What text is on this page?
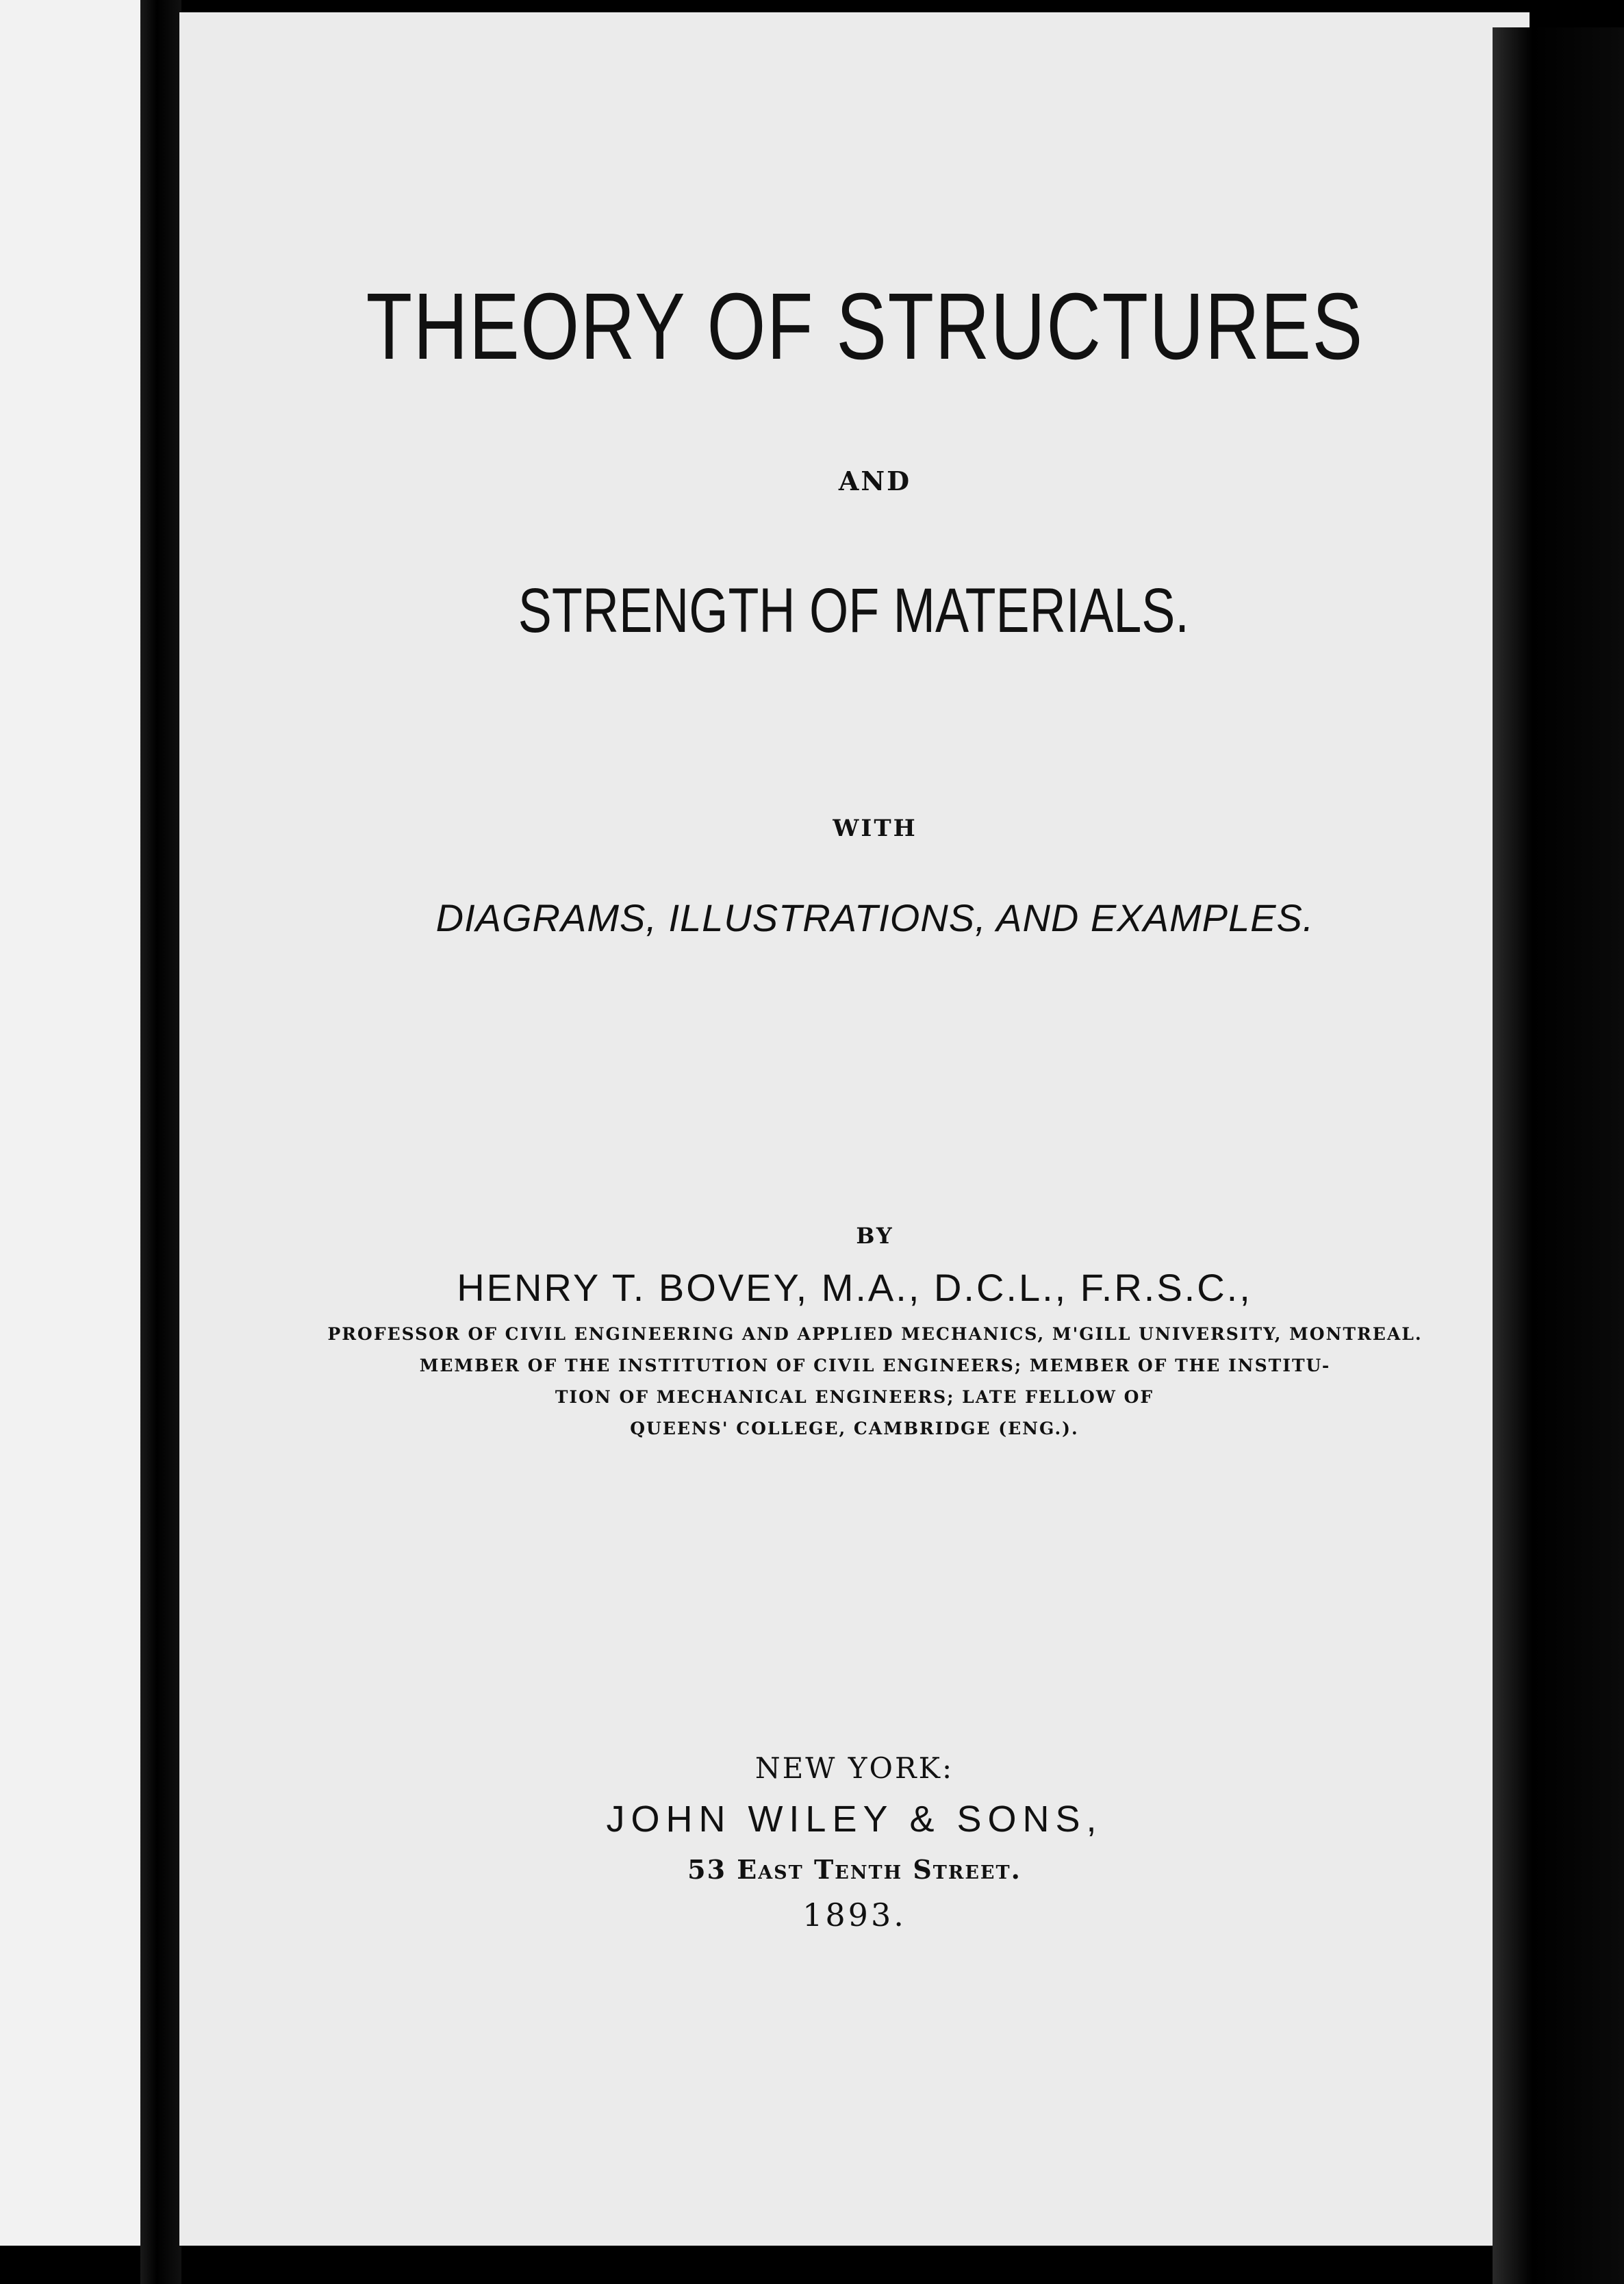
THEORY OF STRUCTURES
AND
STRENGTH OF MATERIALS.
WITH
DIAGRAMS, ILLUSTRATIONS, AND EXAMPLES.
BY
HENRY T. BOVEY, M.A., D.C.L., F.R.S.C.,
PROFESSOR OF CIVIL ENGINEERING AND APPLIED MECHANICS, M'GILL UNIVERSITY, MONTREAL.
MEMBER OF THE INSTITUTION OF CIVIL ENGINEERS; MEMBER OF THE INSTITU-
TION OF MECHANICAL ENGINEERS; LATE FELLOW OF
QUEENS' COLLEGE, CAMBRIDGE (ENG.).
NEW YORK:
JOHN WILEY & SONS,
53 East Tenth Street.
1893.
